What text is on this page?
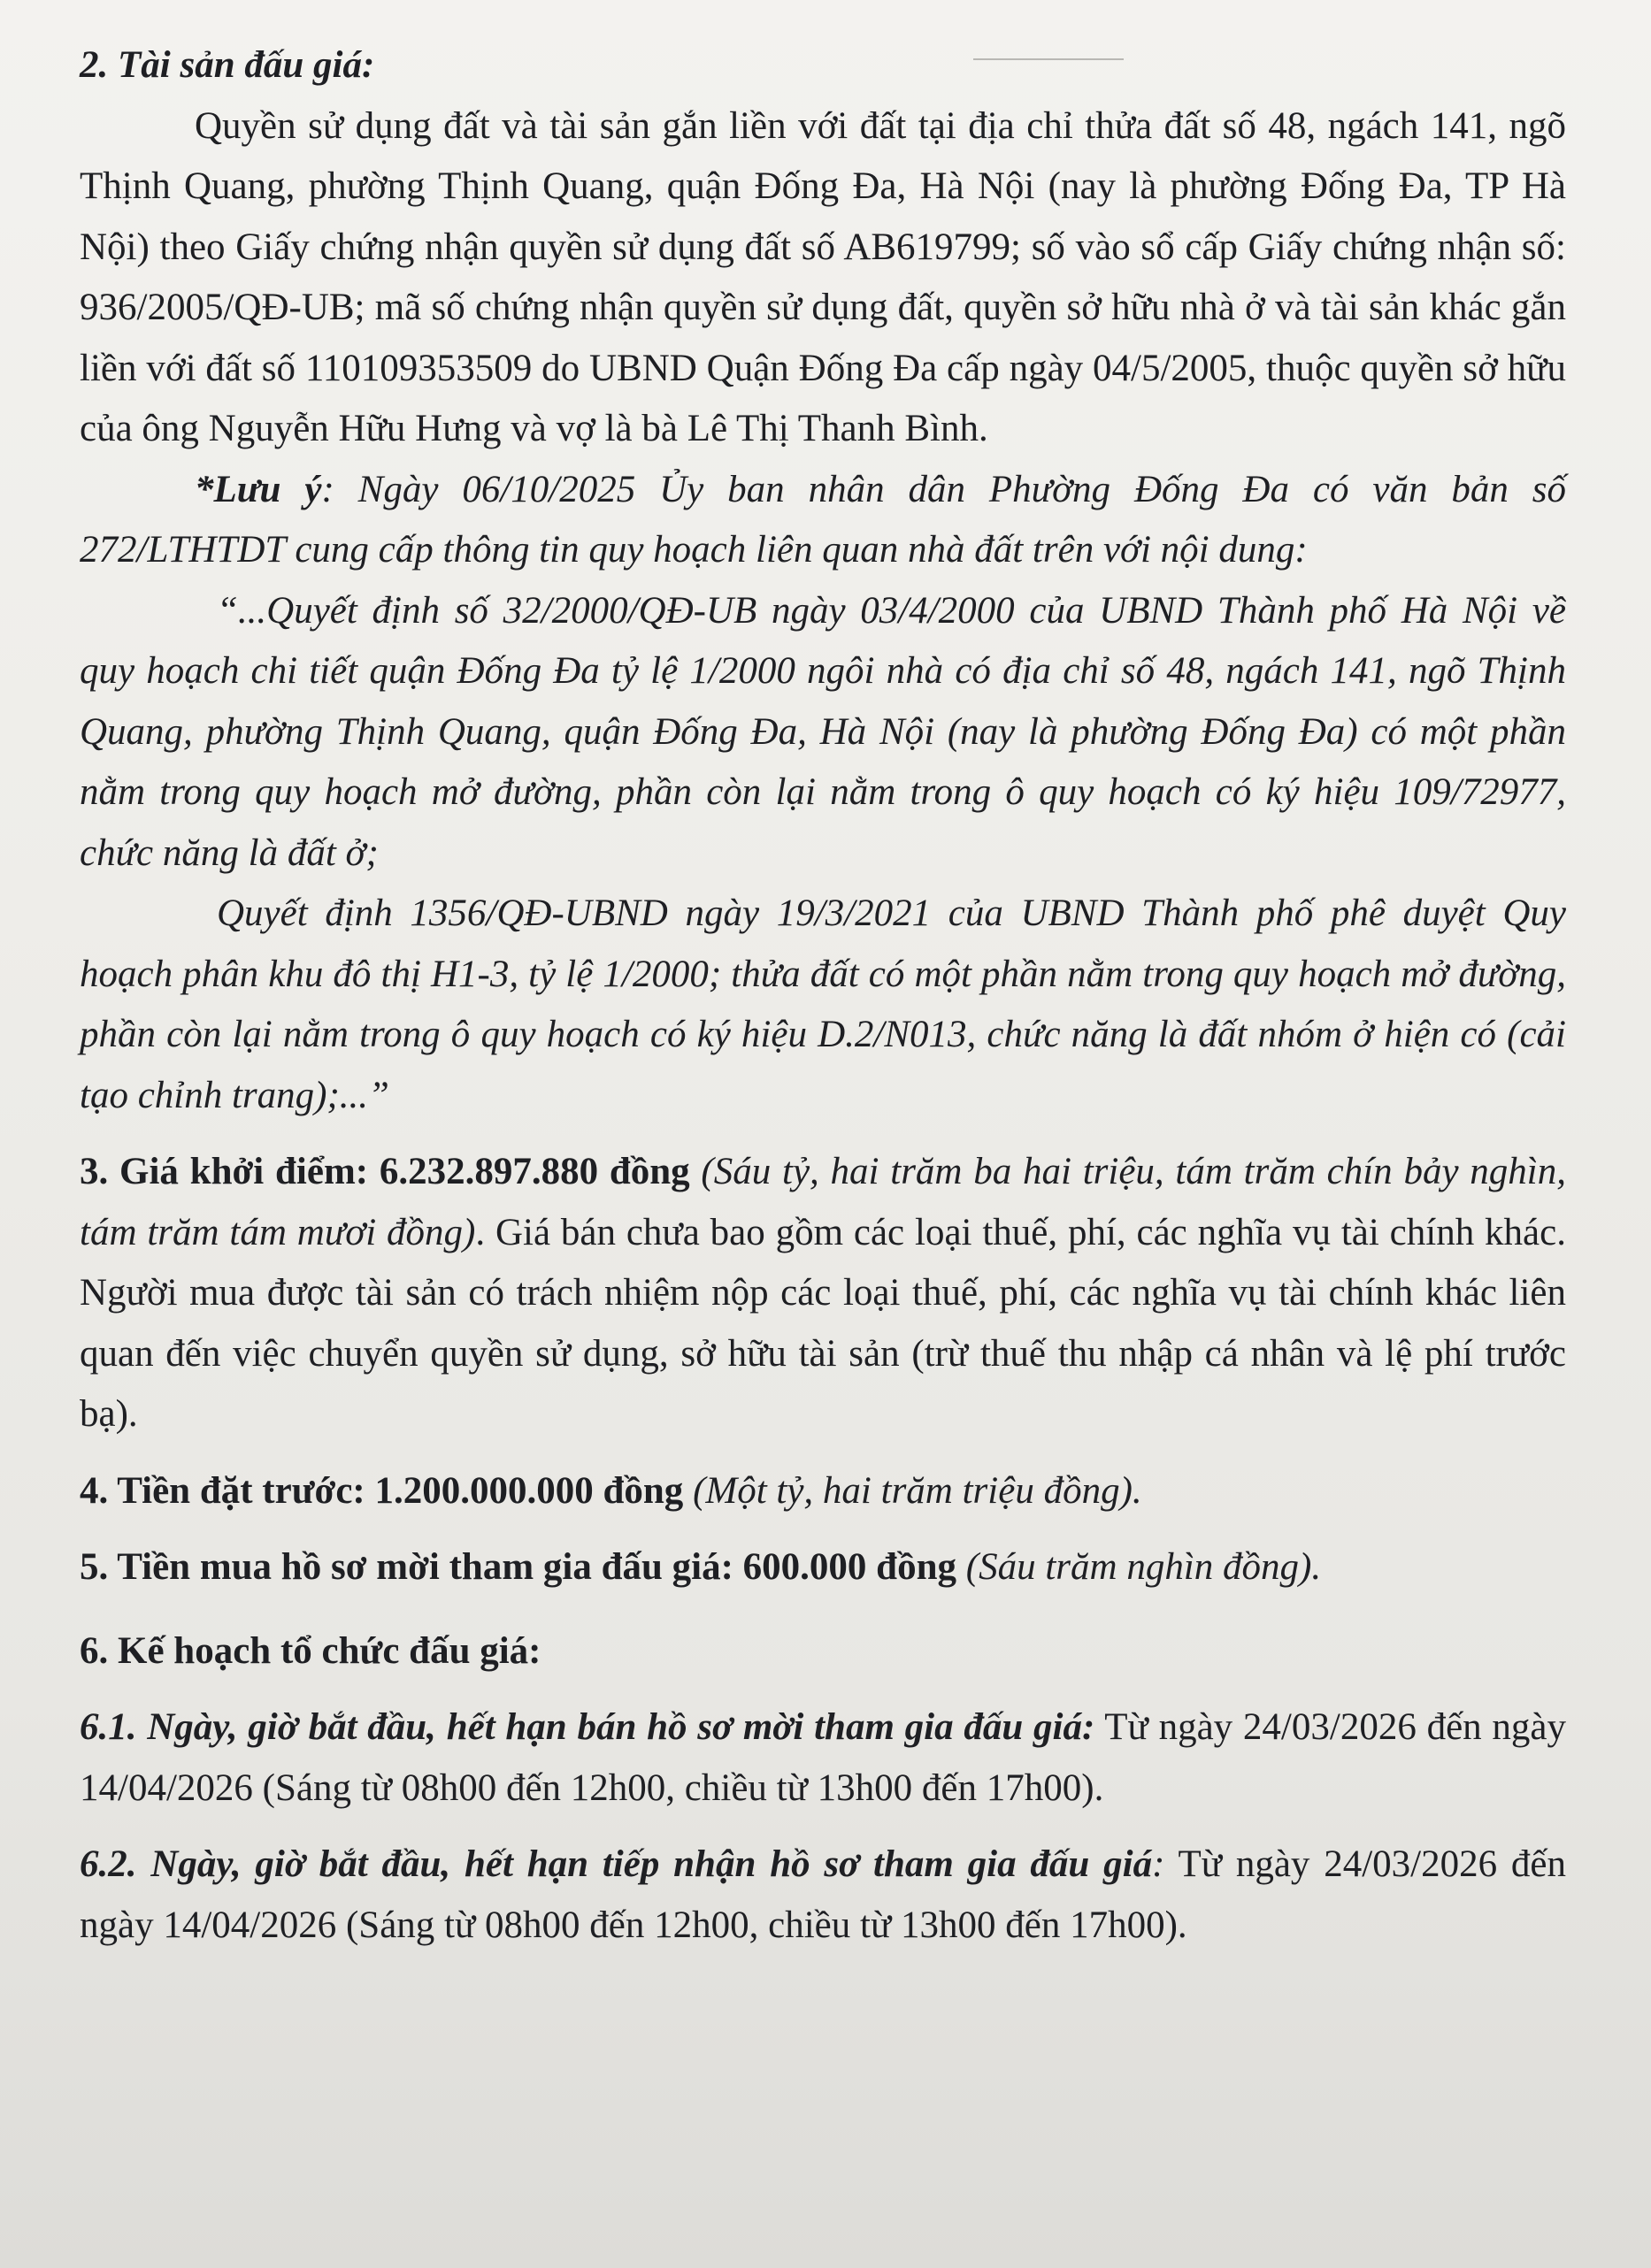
2. Tài sản đấu giá:

Quyền sử dụng đất và tài sản gắn liền với đất tại địa chỉ thửa đất số 48, ngách 141, ngõ Thịnh Quang, phường Thịnh Quang, quận Đống Đa, Hà Nội (nay là phường Đống Đa, TP Hà Nội) theo Giấy chứng nhận quyền sử dụng đất số AB619799; số vào sổ cấp Giấy chứng nhận số: 936/2005/QĐ-UB; mã số chứng nhận quyền sử dụng đất, quyền sở hữu nhà ở và tài sản khác gắn liền với đất số 110109353509 do UBND Quận Đống Đa cấp ngày 04/5/2005, thuộc quyền sở hữu của ông Nguyễn Hữu Hưng và vợ là bà Lê Thị Thanh Bình.

*Lưu ý: Ngày 06/10/2025 Ủy ban nhân dân Phường Đống Đa có văn bản số 272/LTHTDT cung cấp thông tin quy hoạch liên quan nhà đất trên với nội dung:

“...Quyết định số 32/2000/QĐ-UB ngày 03/4/2000 của UBND Thành phố Hà Nội về quy hoạch chi tiết quận Đống Đa tỷ lệ 1/2000 ngôi nhà có địa chỉ số 48, ngách 141, ngõ Thịnh Quang, phường Thịnh Quang, quận Đống Đa, Hà Nội (nay là phường Đống Đa) có một phần nằm trong quy hoạch mở đường, phần còn lại nằm trong ô quy hoạch có ký hiệu 109/72977, chức năng là đất ở;

Quyết định 1356/QĐ-UBND ngày 19/3/2021 của UBND Thành phố phê duyệt Quy hoạch phân khu đô thị H1-3, tỷ lệ 1/2000; thửa đất có một phần nằm trong quy hoạch mở đường, phần còn lại nằm trong ô quy hoạch có ký hiệu D.2/N013, chức năng là đất nhóm ở hiện có (cải tạo chỉnh trang);...”

3. Giá khởi điểm: 6.232.897.880 đồng (Sáu tỷ, hai trăm ba hai triệu, tám trăm chín bảy nghìn, tám trăm tám mươi đồng). Giá bán chưa bao gồm các loại thuế, phí, các nghĩa vụ tài chính khác. Người mua được tài sản có trách nhiệm nộp các loại thuế, phí, các nghĩa vụ tài chính khác liên quan đến việc chuyển quyền sử dụng, sở hữu tài sản (trừ thuế thu nhập cá nhân và lệ phí trước bạ).

4. Tiền đặt trước: 1.200.000.000 đồng (Một tỷ, hai trăm triệu đồng).

5. Tiền mua hồ sơ mời tham gia đấu giá: 600.000 đồng (Sáu trăm nghìn đồng).

6. Kế hoạch tổ chức đấu giá:

6.1. Ngày, giờ bắt đầu, hết hạn bán hồ sơ mời tham gia đấu giá: Từ ngày 24/03/2026 đến ngày 14/04/2026 (Sáng từ 08h00 đến 12h00, chiều từ 13h00 đến 17h00).

6.2. Ngày, giờ bắt đầu, hết hạn tiếp nhận hồ sơ tham gia đấu giá: Từ ngày 24/03/2026 đến ngày 14/04/2026 (Sáng từ 08h00 đến 12h00, chiều từ 13h00 đến 17h00).
